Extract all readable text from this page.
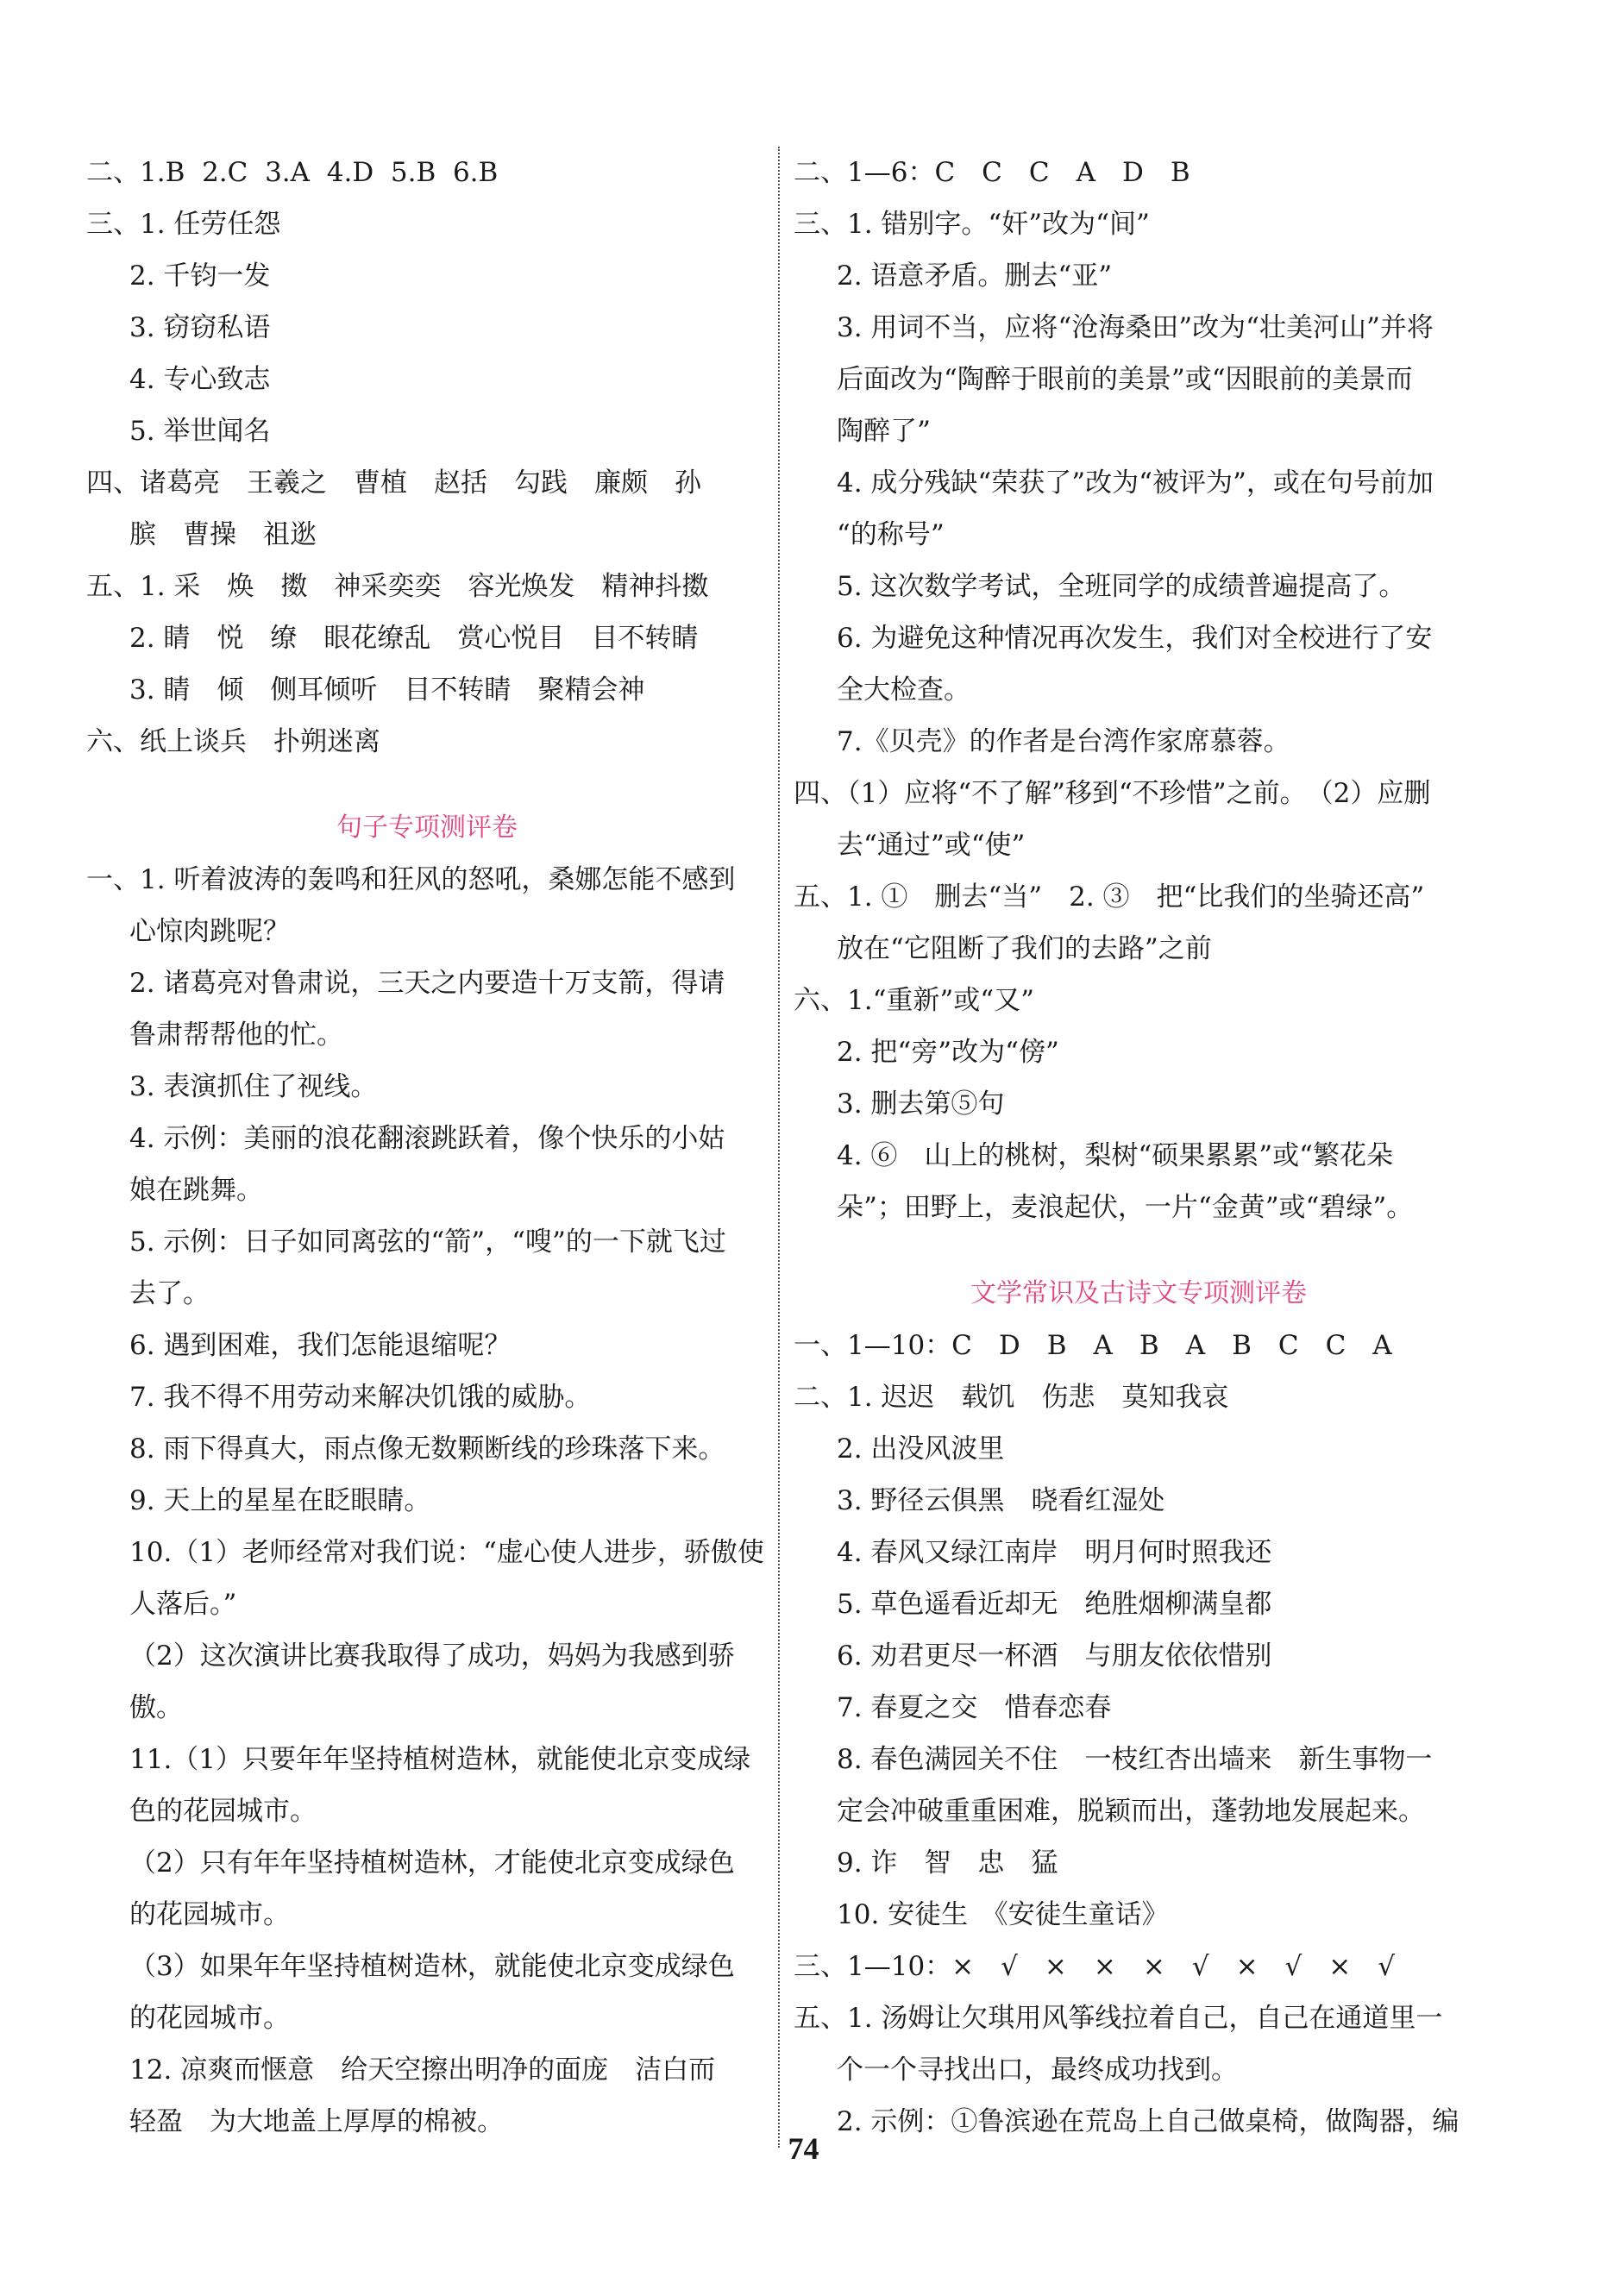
二、1.B  2.C  3.A  4.D  5.B  6.B
三、1. 任劳任怨
2. 千钧一发
3. 窃窃私语
4. 专心致志
5. 举世闻名
四、诸葛亮　王羲之　曹植　赵括　勾践　廉颇　孙
膑　曹操　祖逖
五、1. 采　焕　擞　神采奕奕　容光焕发　精神抖擞
2. 睛　悦　缭　眼花缭乱　赏心悦目　目不转睛
3. 睛　倾　侧耳倾听　目不转睛　聚精会神
六、纸上谈兵　扑朔迷离
句子专项测评卷
一、1. 听着波涛的轰鸣和狂风的怒吼，桑娜怎能不感到
心惊肉跳呢？
2. 诸葛亮对鲁肃说，三天之内要造十万支箭，得请
鲁肃帮帮他的忙。
3. 表演抓住了视线。
4. 示例：美丽的浪花翻滚跳跃着，像个快乐的小姑
娘在跳舞。
5. 示例：日子如同离弦的“箭”，“嗖”的一下就飞过
去了。
6. 遇到困难，我们怎能退缩呢？
7. 我不得不用劳动来解决饥饿的威胁。
8. 雨下得真大，雨点像无数颗断线的珍珠落下来。
9. 天上的星星在眨眼睛。
10.（1）老师经常对我们说：“虚心使人进步，骄傲使
人落后。”
（2）这次演讲比赛我取得了成功，妈妈为我感到骄
傲。
11.（1）只要年年坚持植树造林，就能使北京变成绿
色的花园城市。
（2）只有年年坚持植树造林，才能使北京变成绿色
的花园城市。
（3）如果年年坚持植树造林，就能使北京变成绿色
的花园城市。
12. 凉爽而惬意　给天空擦出明净的面庞　洁白而
轻盈　为大地盖上厚厚的棉被。
二、1—6：C　C　C　A　D　B
三、1. 错别字。“奸”改为“间”
2. 语意矛盾。删去“亚”
3. 用词不当，应将“沧海桑田”改为“壮美河山”并将
后面改为“陶醉于眼前的美景”或“因眼前的美景而
陶醉了”
4. 成分残缺“荣获了”改为“被评为”，或在句号前加
“的称号”
5. 这次数学考试，全班同学的成绩普遍提高了。
6. 为避免这种情况再次发生，我们对全校进行了安
全大检查。
7.《贝壳》的作者是台湾作家席慕蓉。
四、（1）应将“不了解”移到“不珍惜”之前。　（2）应删
去“通过”或“使”
五、1. ①　删去“当”　2. ③　把“比我们的坐骑还高”
放在“它阻断了我们的去路”之前
六、1.“重新”或“又”
2. 把“旁”改为“傍”
3. 删去第⑤句
4. ⑥　山上的桃树，梨树“硕果累累”或“繁花朵
朵”；田野上，麦浪起伏，一片“金黄”或“碧绿”。
文学常识及古诗文专项测评卷
一、1—10：C　D　B　A　B　A　B　C　C　A
二、1. 迟迟　载饥　伤悲　莫知我哀
2. 出没风波里
3. 野径云俱黑　晓看红湿处
4. 春风又绿江南岸　明月何时照我还
5. 草色遥看近却无　绝胜烟柳满皇都
6. 劝君更尽一杯酒　与朋友依依惜别
7. 春夏之交　惜春恋春
8. 春色满园关不住　一枝红杏出墙来　新生事物一
定会冲破重重困难，脱颖而出，蓬勃地发展起来。
9. 诈　智　忠　猛
10. 安徒生　《安徒生童话》
三、1—10：×　√　×　×　×　√　×　√　×　√
五、1. 汤姆让欠琪用风筝线拉着自己，自己在通道里一
个一个寻找出口，最终成功找到。
2. 示例：①鲁滨逊在荒岛上自己做桌椅，做陶器，编
74
